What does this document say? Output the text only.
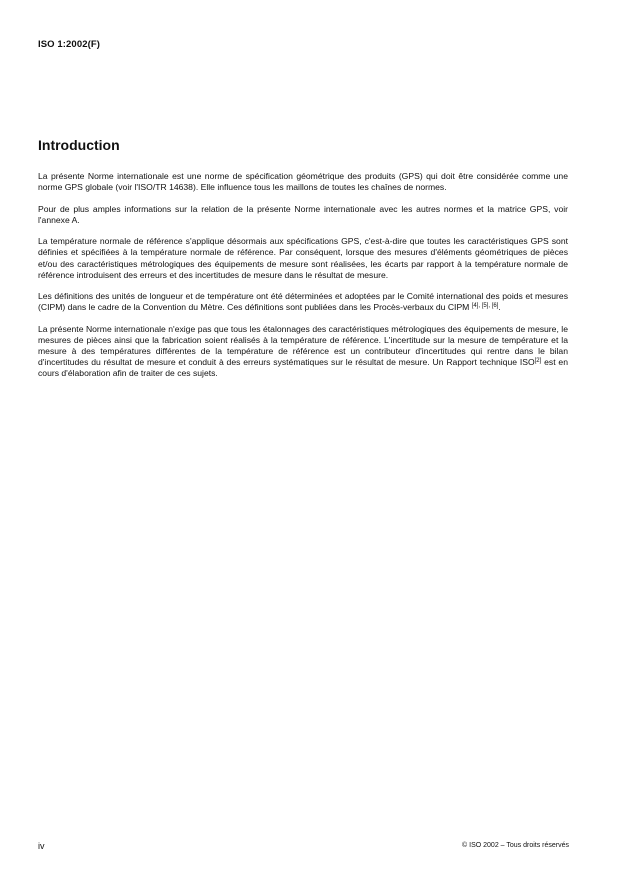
ISO 1:2002(F)
Introduction

La présente Norme internationale est une norme de spécification géométrique des produits (GPS) qui doit être considérée comme une norme GPS globale (voir l'ISO/TR 14638). Elle influence tous les maillons de toutes les chaînes de normes.

Pour de plus amples informations sur la relation de la présente Norme internationale avec les autres normes et la matrice GPS, voir l'annexe A.

La température normale de référence s'applique désormais aux spécifications GPS, c'est-à-dire que toutes les caractéristiques GPS sont définies et spécifiées à la température normale de référence. Par conséquent, lorsque des mesures d'éléments géométriques de pièces et/ou des caractéristiques métrologiques des équipements de mesure sont réalisées, les écarts par rapport à la température normale de référence introduisent des erreurs et des incertitudes de mesure dans le résultat de mesure.

Les définitions des unités de longueur et de température ont été déterminées et adoptées par le Comité international des poids et mesures (CIPM) dans le cadre de la Convention du Mètre. Ces définitions sont publiées dans les Procès-verbaux du CIPM [4], [5], [6].

La présente Norme internationale n'exige pas que tous les étalonnages des caractéristiques métrologiques des équipements de mesure, le mesures de pièces ainsi que la fabrication soient réalisés à la température de référence. L'incertitude sur la mesure de température et la mesure à des températures différentes de la température de référence est un contributeur d'incertitudes qui rentre dans le bilan d'incertitudes du résultat de mesure et conduit à des erreurs systématiques sur le résultat de mesure. Un Rapport technique ISO[2] est en cours d'élaboration afin de traiter de ces sujets.

iv	© ISO 2002 – Tous droits réservés
